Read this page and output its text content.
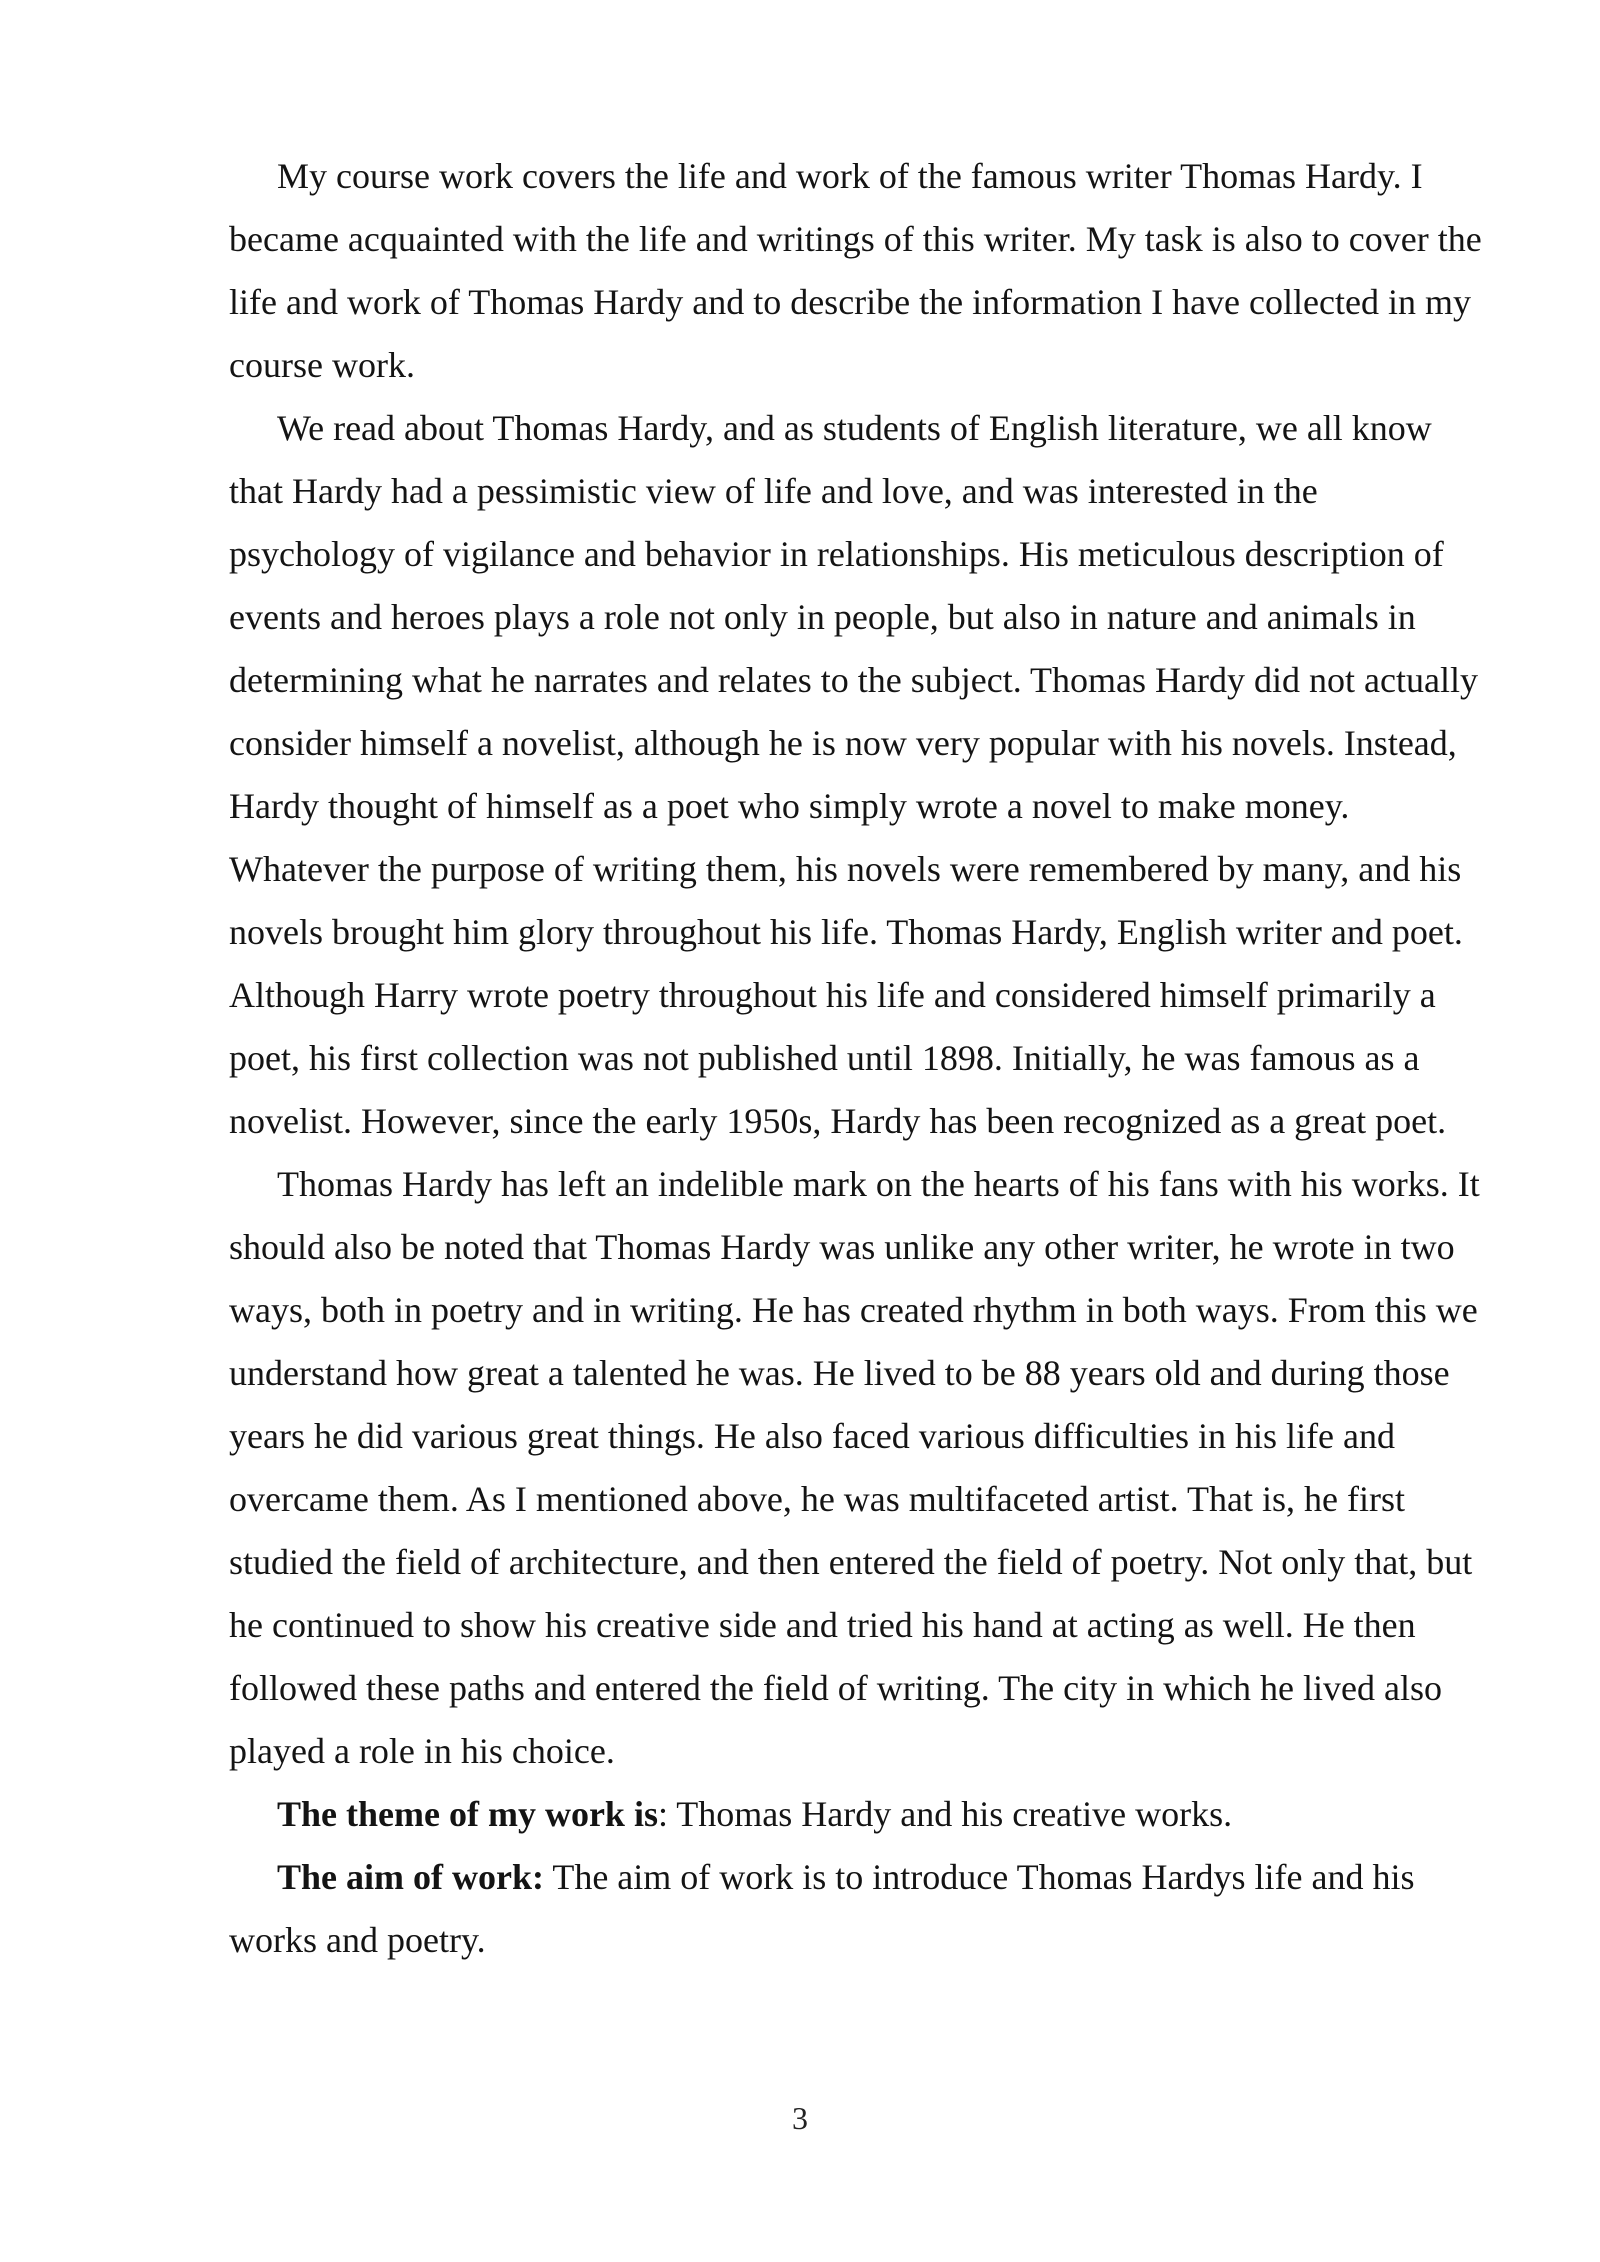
My course work covers the life and work of the famous writer Thomas Hardy. I became acquainted with the life and writings of this writer. My task is also to cover the life and work of Thomas Hardy and to describe the information I have collected in my course work.

We read about Thomas Hardy, and as students of English literature, we all know that Hardy had a pessimistic view of life and love, and was interested in the psychology of vigilance and behavior in relationships. His meticulous description of events and heroes plays a role not only in people, but also in nature and animals in determining what he narrates and relates to the subject. Thomas Hardy did not actually consider himself a novelist, although he is now very popular with his novels. Instead, Hardy thought of himself as a poet who simply wrote a novel to make money. Whatever the purpose of writing them, his novels were remembered by many, and his novels brought him glory throughout his life. Thomas Hardy, English writer and poet. Although Harry wrote poetry throughout his life and considered himself primarily a poet, his first collection was not published until 1898. Initially, he was famous as a novelist. However, since the early 1950s, Hardy has been recognized as a great poet.

Thomas Hardy has left an indelible mark on the hearts of his fans with his works. It should also be noted that Thomas Hardy was unlike any other writer, he wrote in two ways, both in poetry and in writing. He has created rhythm in both ways. From this we understand how great a talented he was. He lived to be 88 years old and during those years he did various great things. He also faced various difficulties in his life and overcame them. As I mentioned above, he was multifaceted artist. That is, he first studied the field of architecture, and then entered the field of poetry. Not only that, but he continued to show his creative side and tried his hand at acting as well. He then followed these paths and entered the field of writing. The city in which he lived also played a role in his choice.

The theme of my work is: Thomas Hardy and his creative works.

The aim of work: The aim of work is to introduce Thomas Hardys life and his works and poetry.

3
